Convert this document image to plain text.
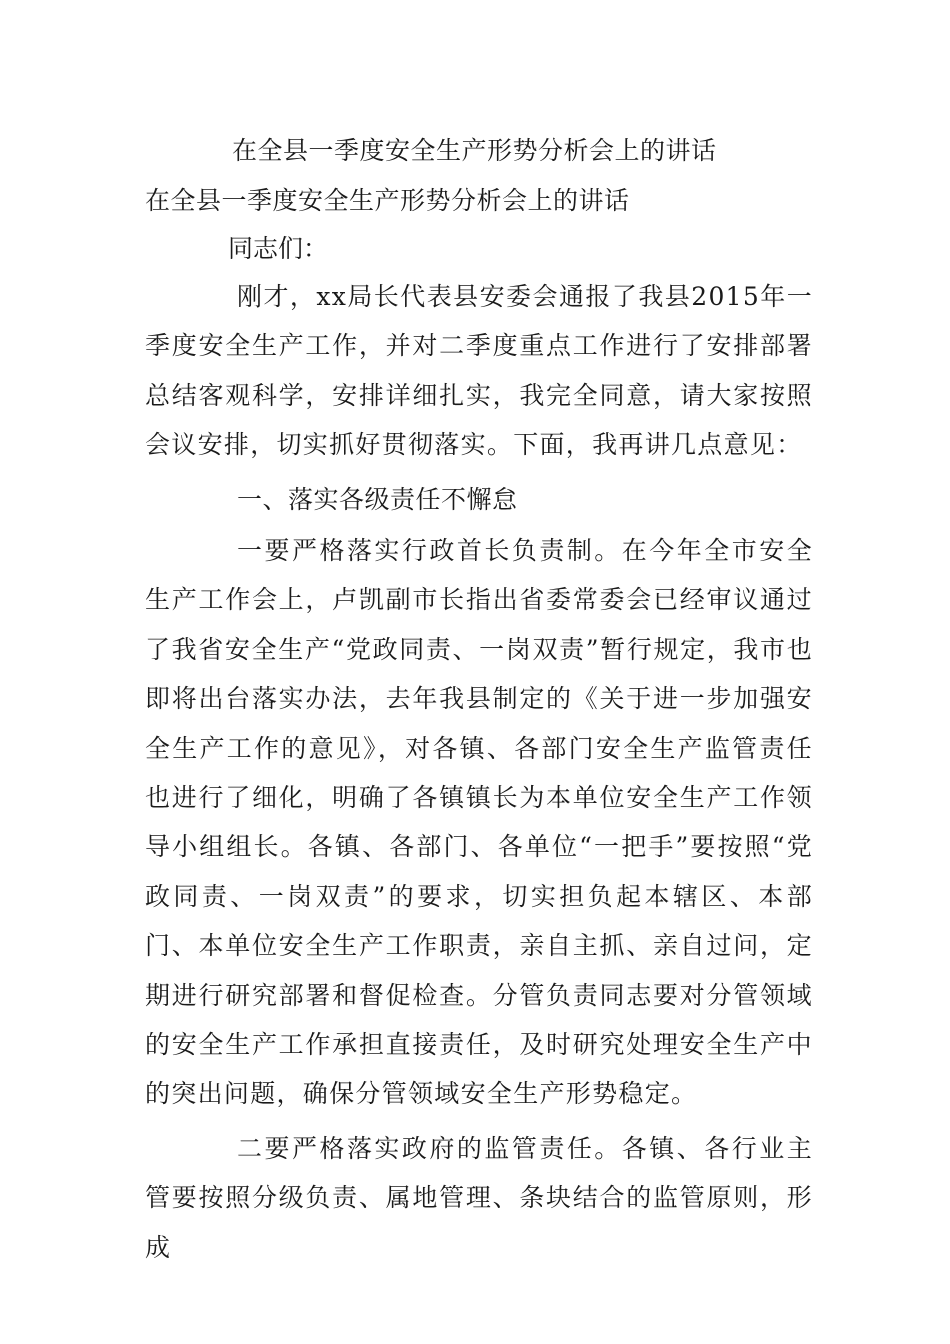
在全县一季度安全生产形势分析会上的讲话
在全县一季度安全生产形势分析会上的讲话
同志们：

刚才，xx局长代表县安委会通报了我县2015年一季度安全生产工作，并对二季度重点工作进行了安排部署总结客观科学，安排详细扎实，我完全同意，请大家按照会议安排，切实抓好贯彻落实。下面，我再讲几点意见：

一、落实各级责任不懈怠

一要严格落实行政首长负责制。在今年全市安全生产工作会上，卢凯副市长指出省委常委会已经审议通过了我省安全生产“党政同责、一岗双责”暂行规定，我市也即将出台落实办法，去年我县制定的《关于进一步加强安全生产工作的意见》，对各镇、各部门安全生产监管责任也进行了细化，明确了各镇镇长为本单位安全生产工作领导小组组长。各镇、各部门、各单位“一把手”要按照“党政同责、一岗双责”的要求，切实担负起本辖区、本部门、本单位安全生产工作职责，亲自主抓、亲自过问，定期进行研究部署和督促检查。分管负责同志要对分管领域的安全生产工作承担直接责任，及时研究处理安全生产中的突出问题，确保分管领域安全生产形势稳定。

二要严格落实政府的监管责任。各镇、各行业主管要按照分级负责、属地管理、条块结合的监管原则，形成
